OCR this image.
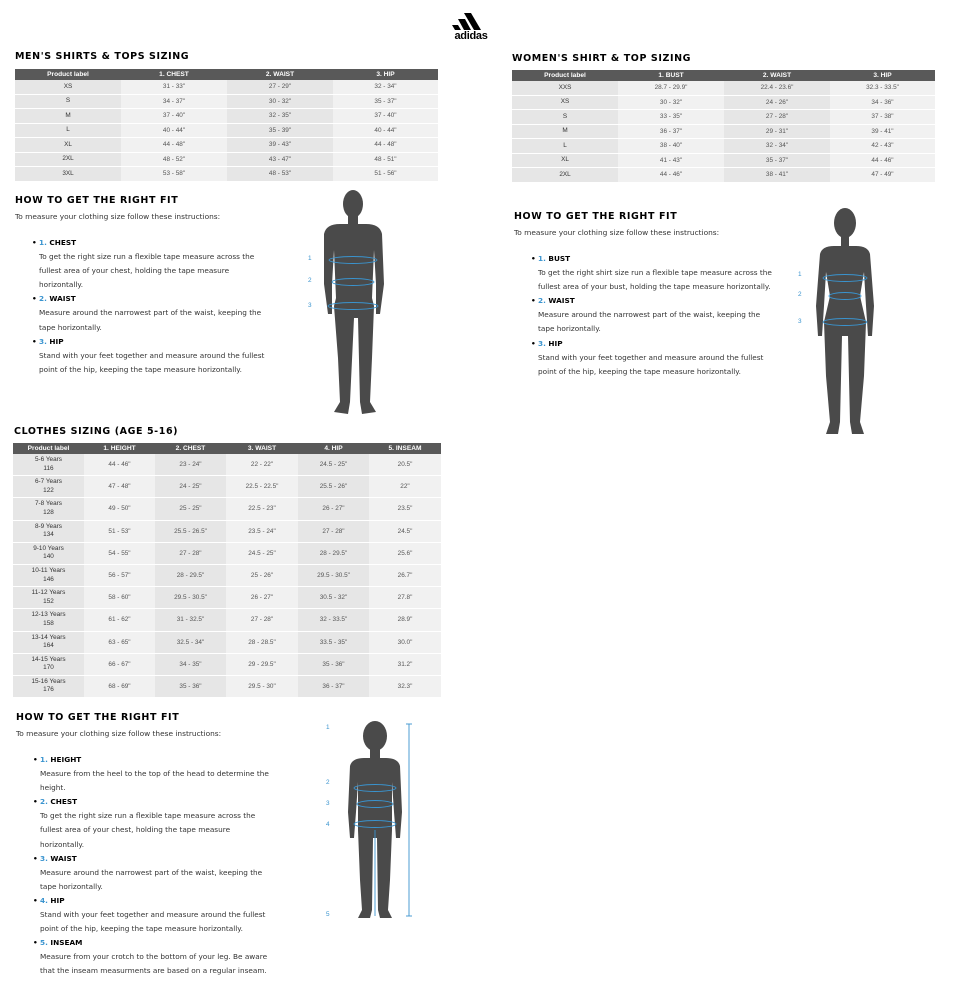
adidas
MEN'S SHIRTS & TOPS SIZING
Product label	1. CHEST	2. WAIST	3. HIP
XS	31 - 33"	27 - 29"	32 - 34"
S	34 - 37"	30 - 32"	35 - 37"
M	37 - 40"	32 - 35"	37 - 40"
L	40 - 44"	35 - 39"	40 - 44"
XL	44 - 48"	39 - 43"	44 - 48"
2XL	48 - 52"	43 - 47"	48 - 51"
3XL	53 - 58"	48 - 53"	51 - 56"
HOW TO GET THE RIGHT FIT
To measure your clothing size follow these instructions:
• 1. CHEST
To get the right size run a flexible tape measure across the
fullest area of your chest, holding the tape measure
horizontally.
• 2. WAIST
Measure around the narrowest part of the waist, keeping the
tape horizontally.
• 3. HIP
Stand with your feet together and measure around the fullest
point of the hip, keeping the tape measure horizontally.
1
2
3
WOMEN'S SHIRT & TOP SIZING
Product label	1. BUST	2. WAIST	3. HIP
XXS	28.7 - 29.9"	22.4 - 23.6"	32.3 - 33.5"
XS	30 - 32"	24 - 26"	34 - 36"
S	33 - 35"	27 - 28"	37 - 38"
M	36 - 37"	29 - 31"	39 - 41"
L	38 - 40"	32 - 34"	42 - 43"
XL	41 - 43"	35 - 37"	44 - 46"
2XL	44 - 46"	38 - 41"	47 - 49"
HOW TO GET THE RIGHT FIT
To measure your clothing size follow these instructions:
• 1. BUST
To get the right shirt size run a flexible tape measure across the
fullest area of your bust, holding the tape measure horizontally.
• 2. WAIST
Measure around the narrowest part of the waist, keeping the
tape horizontally.
• 3. HIP
Stand with your feet together and measure around the fullest
point of the hip, keeping the tape measure horizontally.
1
2
3
CLOTHES SIZING (AGE 5-16)
Product label	1. HEIGHT	2. CHEST	3. WAIST	4. HIP	5. INSEAM
5-6 Years
116	44 - 46"	23 - 24"	22 - 22"	24.5 - 25"	20.5"
6-7 Years
122	47 - 48"	24 - 25"	22.5 - 22.5"	25.5 - 26"	22"
7-8 Years
128	49 - 50"	25 - 25"	22.5 - 23"	26 - 27"	23.5"
8-9 Years
134	51 - 53"	25.5 - 26.5"	23.5 - 24"	27 - 28"	24.5"
9-10 Years
140	54 - 55"	27 - 28"	24.5 - 25"	28 - 29.5"	25.6"
10-11 Years
146	56 - 57"	28 - 29.5"	25 - 26"	29.5 - 30.5"	26.7"
11-12 Years
152	58 - 60"	29.5 - 30.5"	26 - 27"	30.5 - 32"	27.8"
12-13 Years
158	61 - 62"	31 - 32.5"	27 - 28"	32 - 33.5"	28.9"
13-14 Years
164	63 - 65"	32.5 - 34"	28 - 28.5"	33.5 - 35"	30.0"
14-15 Years
170	66 - 67"	34 - 35"	29 - 29.5"	35 - 36"	31.2"
15-16 Years
176	68 - 69"	35 - 36"	29.5 - 30"	36 - 37"	32.3"
HOW TO GET THE RIGHT FIT
To measure your clothing size follow these instructions:
• 1. HEIGHT
Measure from the heel to the top of the head to determine the
height.
• 2. CHEST
To get the right size run a flexible tape measure across the
fullest area of your chest, holding the tape measure
horizontally.
• 3. WAIST
Measure around the narrowest part of the waist, keeping the
tape horizontally.
• 4. HIP
Stand with your feet together and measure around the fullest
point of the hip, keeping the tape measure horizontally.
• 5. INSEAM
Measure from your crotch to the bottom of your leg. Be aware
that the inseam measurments are based on a regular inseam.
1
2
3
4
5
